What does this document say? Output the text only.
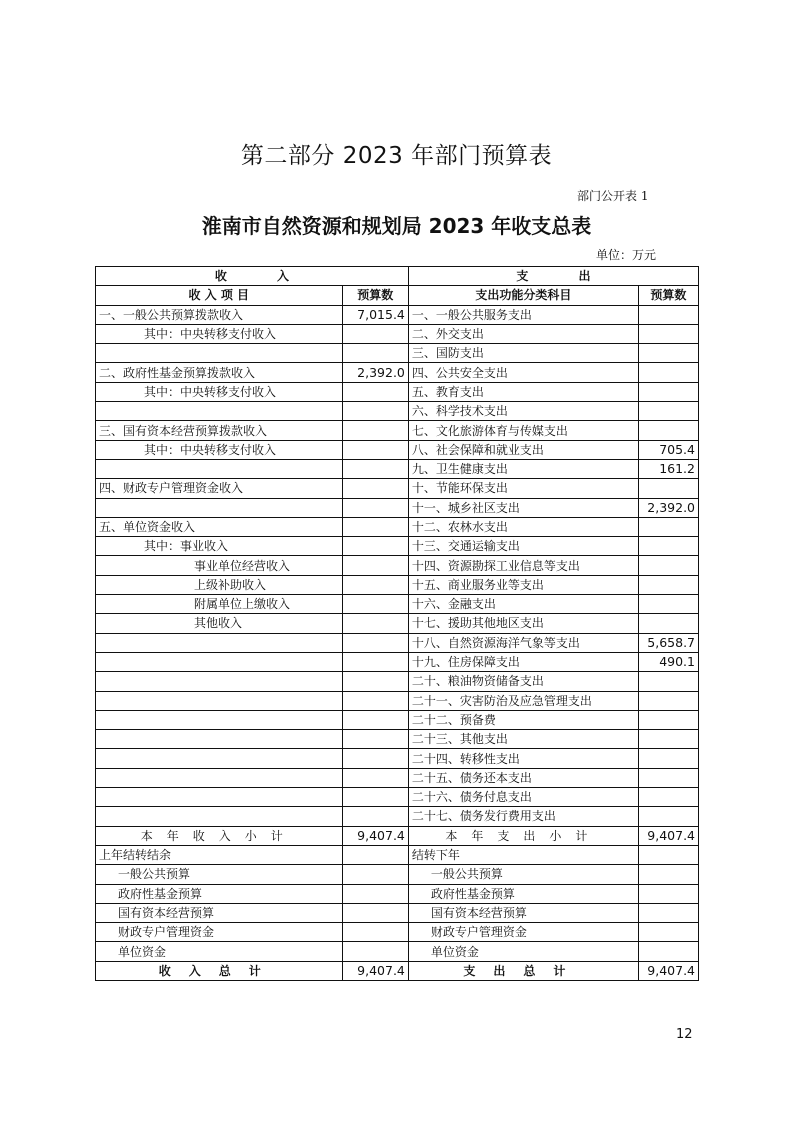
第二部分 2023 年部门预算表
部门公开表 1
淮南市自然资源和规划局 2023 年收支总表
单位：万元
收            入		支            出	
收 入 项 目	预算数	支出功能分类科目	预算数
一、一般公共预算拨款收入	7,015.4	一、一般公共服务支出	
其中：中央转移支付收入		二、外交支出	
		三、国防支出	
二、政府性基金预算拨款收入	2,392.0	四、公共安全支出	
其中：中央转移支付收入		五、教育支出	
		六、科学技术支出	
三、国有资本经营预算拨款收入		七、文化旅游体育与传媒支出	
其中：中央转移支付收入		八、社会保障和就业支出	705.4
		九、卫生健康支出	161.2
四、财政专户管理资金收入		十、节能环保支出	
		十一、城乡社区支出	2,392.0
五、单位资金收入		十二、农林水支出	
其中：事业收入		十三、交通运输支出	
事业单位经营收入		十四、资源勘探工业信息等支出	
上级补助收入		十五、商业服务业等支出	
附属单位上缴收入		十六、金融支出	
其他收入		十七、援助其他地区支出	
		十八、自然资源海洋气象等支出	5,658.7
		十九、住房保障支出	490.1
		二十、粮油物资储备支出	
		二十一、灾害防治及应急管理支出	
		二十二、预备费	
		二十三、其他支出	
		二十四、转移性支出	
		二十五、债务还本支出	
		二十六、债务付息支出	
		二十七、债务发行费用支出	
本年收入小计	9,407.4	本年支出小计	9,407.4
上年结转结余		结转下年	
一般公共预算		一般公共预算	
政府性基金预算		政府性基金预算	
国有资本经营预算		国有资本经营预算	
财政专户管理资金		财政专户管理资金	
单位资金		单位资金	
收入总计	9,407.4	支出总计	9,407.4
12
